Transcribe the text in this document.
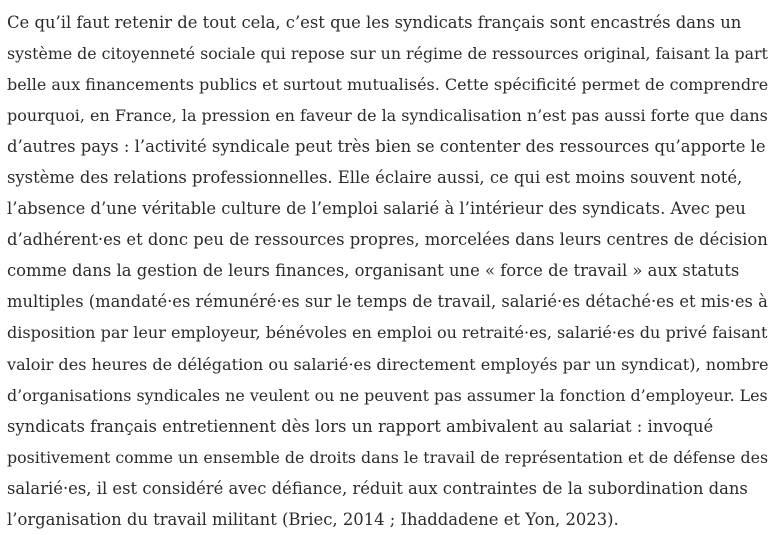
Ce qu’il faut retenir de tout cela, c’est que les syndicats français sont encastrés dans un
système de citoyenneté sociale qui repose sur un régime de ressources original, faisant la part
belle aux financements publics et surtout mutualisés. Cette spécificité permet de comprendre
pourquoi, en France, la pression en faveur de la syndicalisation n’est pas aussi forte que dans
d’autres pays : l’activité syndicale peut très bien se contenter des ressources qu’apporte le
système des relations professionnelles. Elle éclaire aussi, ce qui est moins souvent noté,
l’absence d’une véritable culture de l’emploi salarié à l’intérieur des syndicats. Avec peu
d’adhérent·es et donc peu de ressources propres, morcelées dans leurs centres de décision
comme dans la gestion de leurs finances, organisant une « force de travail » aux statuts
multiples (mandaté·es rémunéré·es sur le temps de travail, salarié·es détaché·es et mis·es à
disposition par leur employeur, bénévoles en emploi ou retraité·es, salarié·es du privé faisant
valoir des heures de délégation ou salarié·es directement employés par un syndicat), nombre
d’organisations syndicales ne veulent ou ne peuvent pas assumer la fonction d’employeur. Les
syndicats français entretiennent dès lors un rapport ambivalent au salariat : invoqué
positivement comme un ensemble de droits dans le travail de représentation et de défense des
salarié·es, il est considéré avec défiance, réduit aux contraintes de la subordination dans
l’organisation du travail militant (Briec, 2014 ; Ihaddadene et Yon, 2023).
